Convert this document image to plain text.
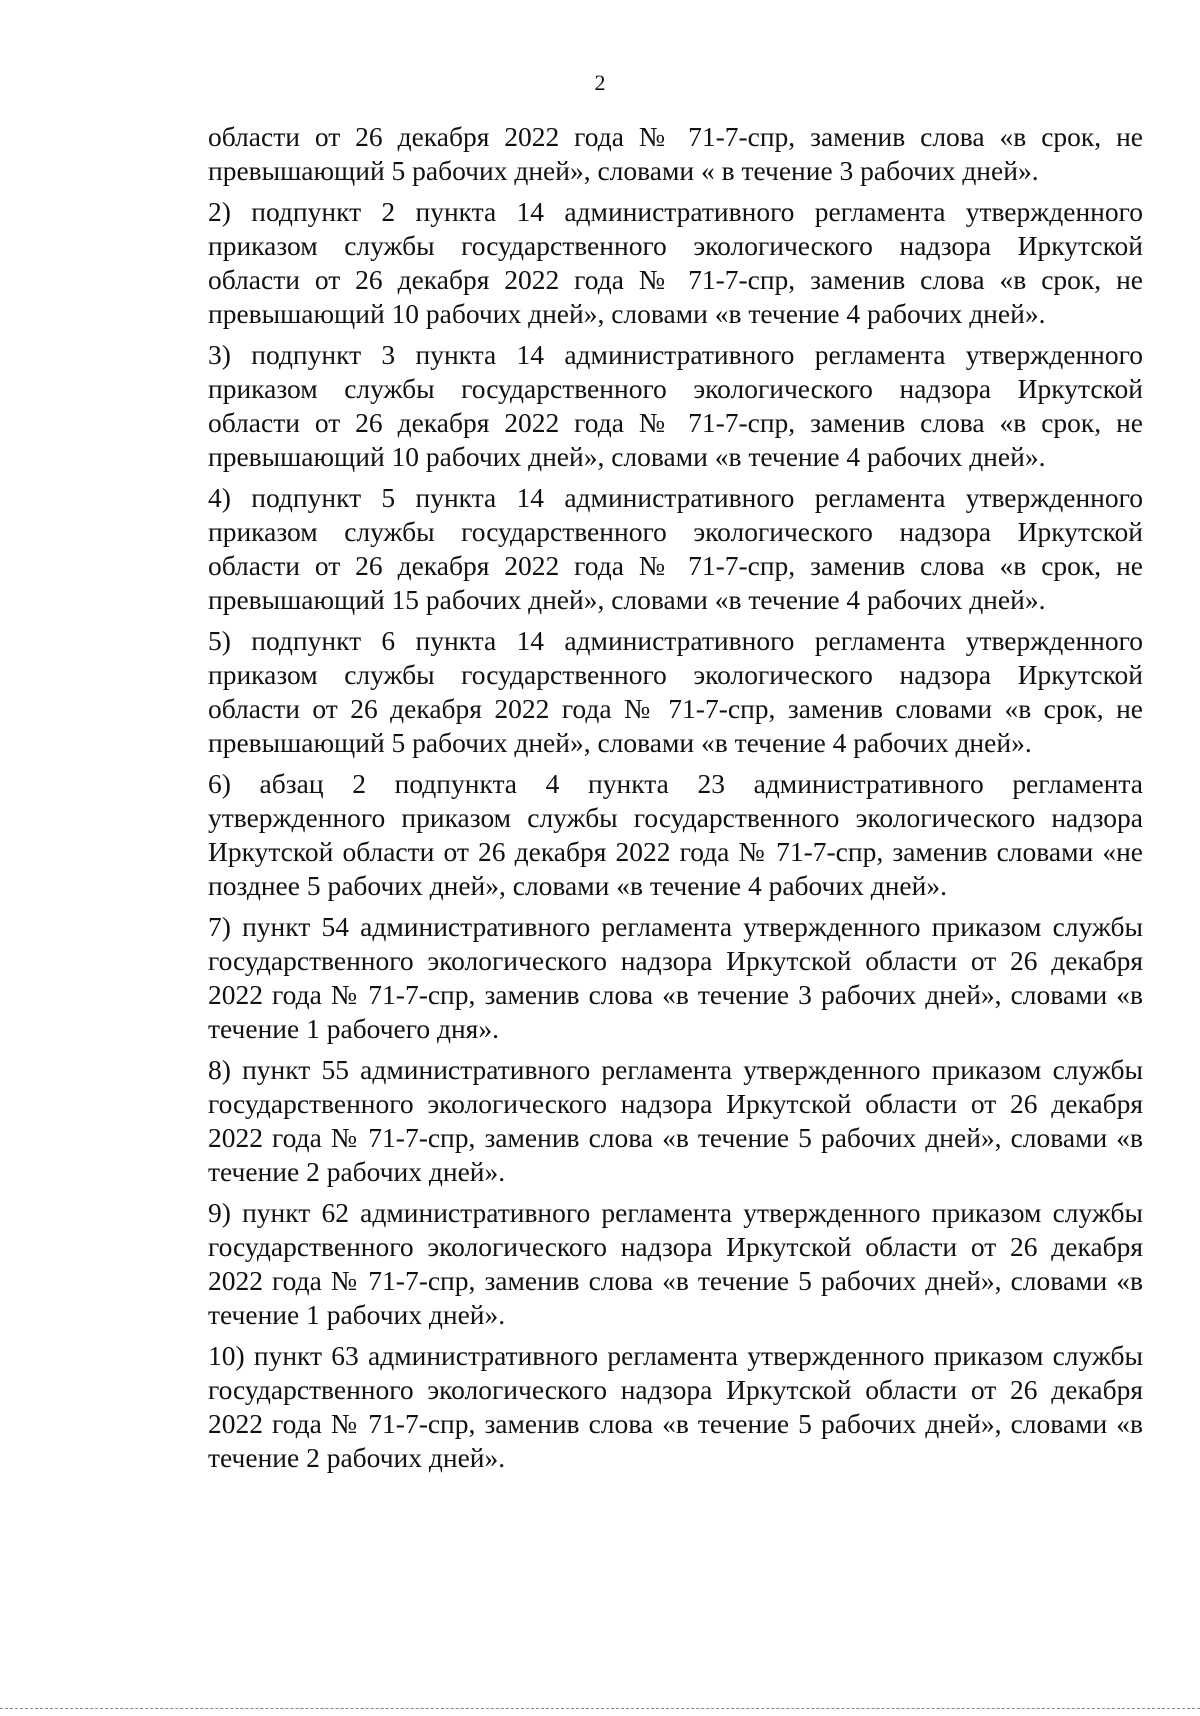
2

области от 26 декабря 2022 года № 71-7-спр, заменив слова «в срок, не превышающий 5 рабочих дней», словами « в течение 3 рабочих дней».

2) подпункт 2 пункта 14 административного регламента утвержденного приказом службы государственного экологического надзора Иркутской области от 26 декабря 2022 года № 71-7-спр, заменив слова «в срок, не превышающий 10 рабочих дней», словами «в течение 4 рабочих дней».

3) подпункт 3 пункта 14 административного регламента утвержденного приказом службы государственного экологического надзора Иркутской области от 26 декабря 2022 года № 71-7-спр, заменив слова «в срок, не превышающий 10 рабочих дней», словами «в течение 4 рабочих дней».

4) подпункт 5 пункта 14 административного регламента утвержденного приказом службы государственного экологического надзора Иркутской области от 26 декабря 2022 года № 71-7-спр, заменив слова «в срок, не превышающий 15 рабочих дней», словами «в течение 4 рабочих дней».

5) подпункт 6 пункта 14 административного регламента утвержденного приказом службы государственного экологического надзора Иркутской области от 26 декабря 2022 года № 71-7-спр, заменив словами «в срок, не превышающий 5 рабочих дней», словами «в течение 4 рабочих дней».

6) абзац 2 подпункта 4 пункта 23 административного регламента утвержденного приказом службы государственного экологического надзора Иркутской области от 26 декабря 2022 года № 71-7-спр, заменив словами «не позднее 5 рабочих дней», словами «в течение 4 рабочих дней».

7) пункт 54 административного регламента утвержденного приказом службы государственного экологического надзора Иркутской области от 26 декабря 2022 года № 71-7-спр, заменив слова «в течение 3 рабочих дней», словами «в течение 1 рабочего дня».

8) пункт 55 административного регламента утвержденного приказом службы государственного экологического надзора Иркутской области от 26 декабря 2022 года № 71-7-спр, заменив слова «в течение 5 рабочих дней», словами «в течение 2 рабочих дней».

9) пункт 62 административного регламента утвержденного приказом службы государственного экологического надзора Иркутской области от 26 декабря 2022 года № 71-7-спр, заменив слова «в течение 5 рабочих дней», словами «в течение 1 рабочих дней».

10) пункт 63 административного регламента утвержденного приказом службы государственного экологического надзора Иркутской области от 26 декабря 2022 года № 71-7-спр, заменив слова «в течение 5 рабочих дней», словами «в течение 2 рабочих дней».
